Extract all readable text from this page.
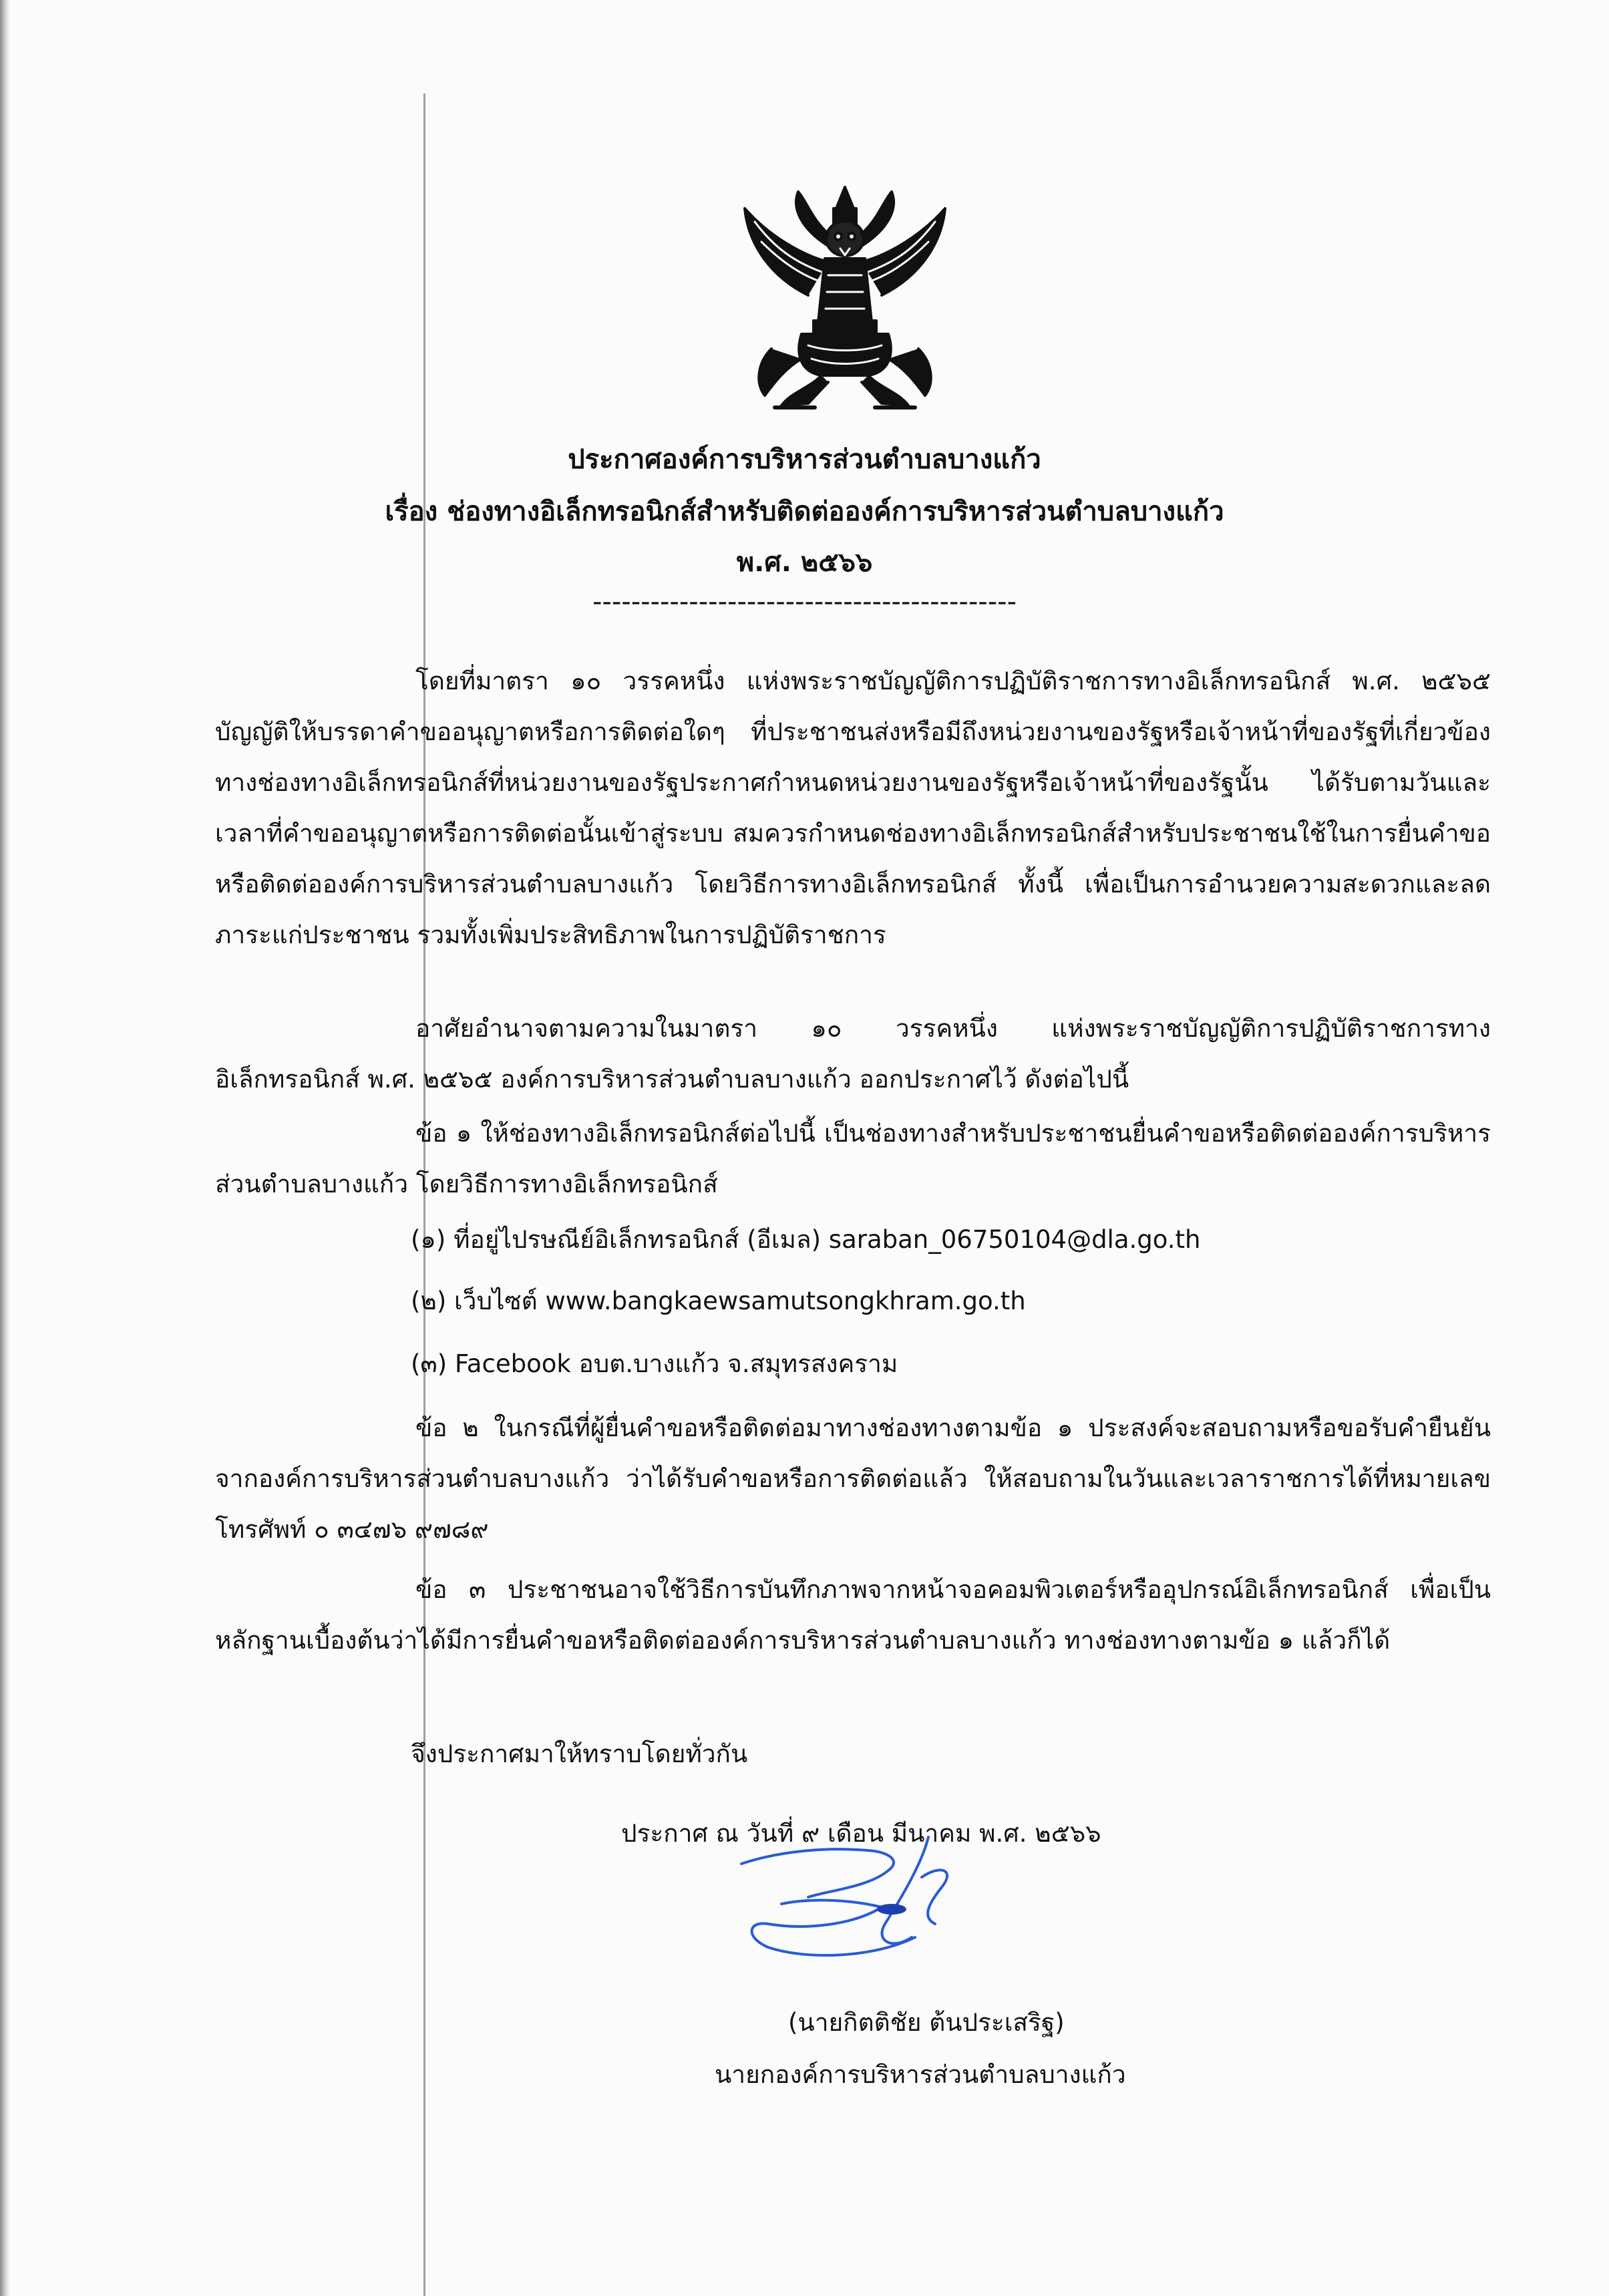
ประกาศองค์การบริหารส่วนตำบลบางแก้ว
เรื่อง ช่องทางอิเล็กทรอนิกส์สำหรับติดต่อองค์การบริหารส่วนตำบลบางแก้ว
พ.ศ. ๒๕๖๖
--------------------------------------------

โดยที่มาตรา ๑๐ วรรคหนึ่ง แห่งพระราชบัญญัติการปฏิบัติราชการทางอิเล็กทรอนิกส์ พ.ศ. ๒๕๖๕ บัญญัติให้บรรดาคำขออนุญาตหรือการติดต่อใดๆ ที่ประชาชนส่งหรือมีถึงหน่วยงานของรัฐหรือเจ้าหน้าที่ของรัฐที่เกี่ยวข้องทางช่องทางอิเล็กทรอนิกส์ที่หน่วยงานของรัฐประกาศกำหนดหน่วยงานของรัฐหรือเจ้าหน้าที่ของรัฐนั้น ได้รับตามวันและเวลาที่คำขออนุญาตหรือการติดต่อนั้นเข้าสู่ระบบ สมควรกำหนดช่องทางอิเล็กทรอนิกส์สำหรับประชาชนใช้ในการยื่นคำขอหรือติดต่อองค์การบริหารส่วนตำบลบางแก้ว โดยวิธีการทางอิเล็กทรอนิกส์ ทั้งนี้ เพื่อเป็นการอำนวยความสะดวกและลดภาระแก่ประชาชน รวมทั้งเพิ่มประสิทธิภาพในการปฏิบัติราชการ

อาศัยอำนาจตามความในมาตรา ๑๐ วรรคหนึ่ง แห่งพระราชบัญญัติการปฏิบัติราชการทางอิเล็กทรอนิกส์ พ.ศ. ๒๕๖๕ องค์การบริหารส่วนตำบลบางแก้ว ออกประกาศไว้ ดังต่อไปนี้

ข้อ ๑ ให้ช่องทางอิเล็กทรอนิกส์ต่อไปนี้ เป็นช่องทางสำหรับประชาชนยื่นคำขอหรือติดต่อองค์การบริหารส่วนตำบลบางแก้ว โดยวิธีการทางอิเล็กทรอนิกส์

(๑) ที่อยู่ไปรษณีย์อิเล็กทรอนิกส์ (อีเมล) saraban_06750104@dla.go.th
(๒) เว็บไซต์ www.bangkaewsamutsongkhram.go.th
(๓) Facebook อบต.บางแก้ว จ.สมุทรสงคราม

ข้อ ๒ ในกรณีที่ผู้ยื่นคำขอหรือติดต่อมาทางช่องทางตามข้อ ๑ ประสงค์จะสอบถามหรือขอรับคำยืนยันจากองค์การบริหารส่วนตำบลบางแก้ว ว่าได้รับคำขอหรือการติดต่อแล้ว ให้สอบถามในวันและเวลาราชการได้ที่หมายเลขโทรศัพท์ ๐ ๓๔๗๖ ๙๗๘๙

ข้อ ๓ ประชาชนอาจใช้วิธีการบันทึกภาพจากหน้าจอคอมพิวเตอร์หรืออุปกรณ์อิเล็กทรอนิกส์ เพื่อเป็นหลักฐานเบื้องต้นว่าได้มีการยื่นคำขอหรือติดต่อองค์การบริหารส่วนตำบลบางแก้ว ทางช่องทางตามข้อ ๑ แล้วก็ได้

จึงประกาศมาให้ทราบโดยทั่วกัน
ประกาศ ณ วันที่ ๙ เดือน มีนาคม พ.ศ. ๒๕๖๖
(นายกิตติชัย ต้นประเสริฐ)
นายกองค์การบริหารส่วนตำบลบางแก้ว
